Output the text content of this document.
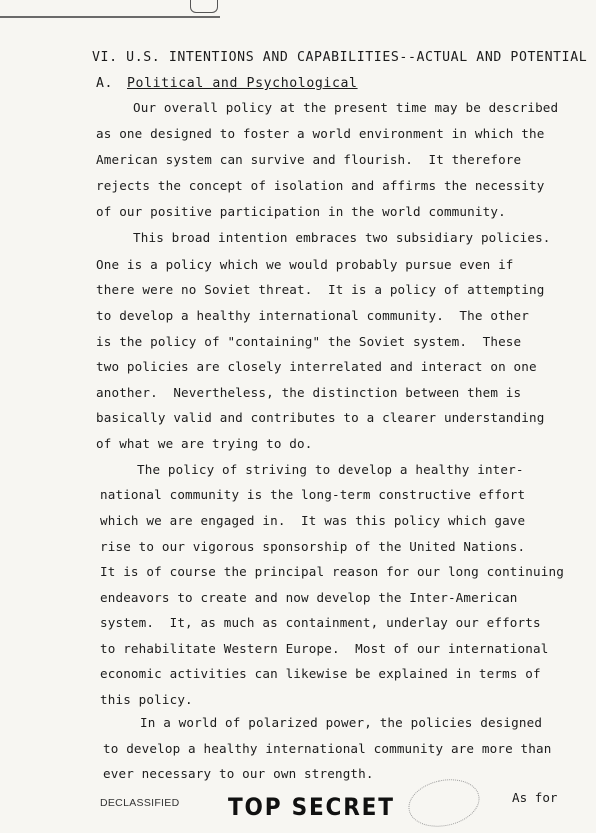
VI. U.S. INTENTIONS AND CAPABILITIES--ACTUAL AND POTENTIAL
A. Political and Psychological
Our overall policy at the present time may be described
as one designed to foster a world environment in which the
American system can survive and flourish.  It therefore
rejects the concept of isolation and affirms the necessity
of our positive participation in the world community.
This broad intention embraces two subsidiary policies.
One is a policy which we would probably pursue even if
there were no Soviet threat.  It is a policy of attempting
to develop a healthy international community.  The other
is the policy of "containing" the Soviet system.  These
two policies are closely interrelated and interact on one
another.  Nevertheless, the distinction between them is
basically valid and contributes to a clearer understanding
of what we are trying to do.
The policy of striving to develop a healthy inter-
national community is the long-term constructive effort
which we are engaged in.  It was this policy which gave
rise to our vigorous sponsorship of the United Nations.
It is of course the principal reason for our long continuing
endeavors to create and now develop the Inter-American
system.  It, as much as containment, underlay our efforts
to rehabilitate Western Europe.  Most of our international
economic activities can likewise be explained in terms of
this policy.
In a world of polarized power, the policies designed
to develop a healthy international community are more than
ever necessary to our own strength.
DECLASSIFIED TOP SECRET	As for
